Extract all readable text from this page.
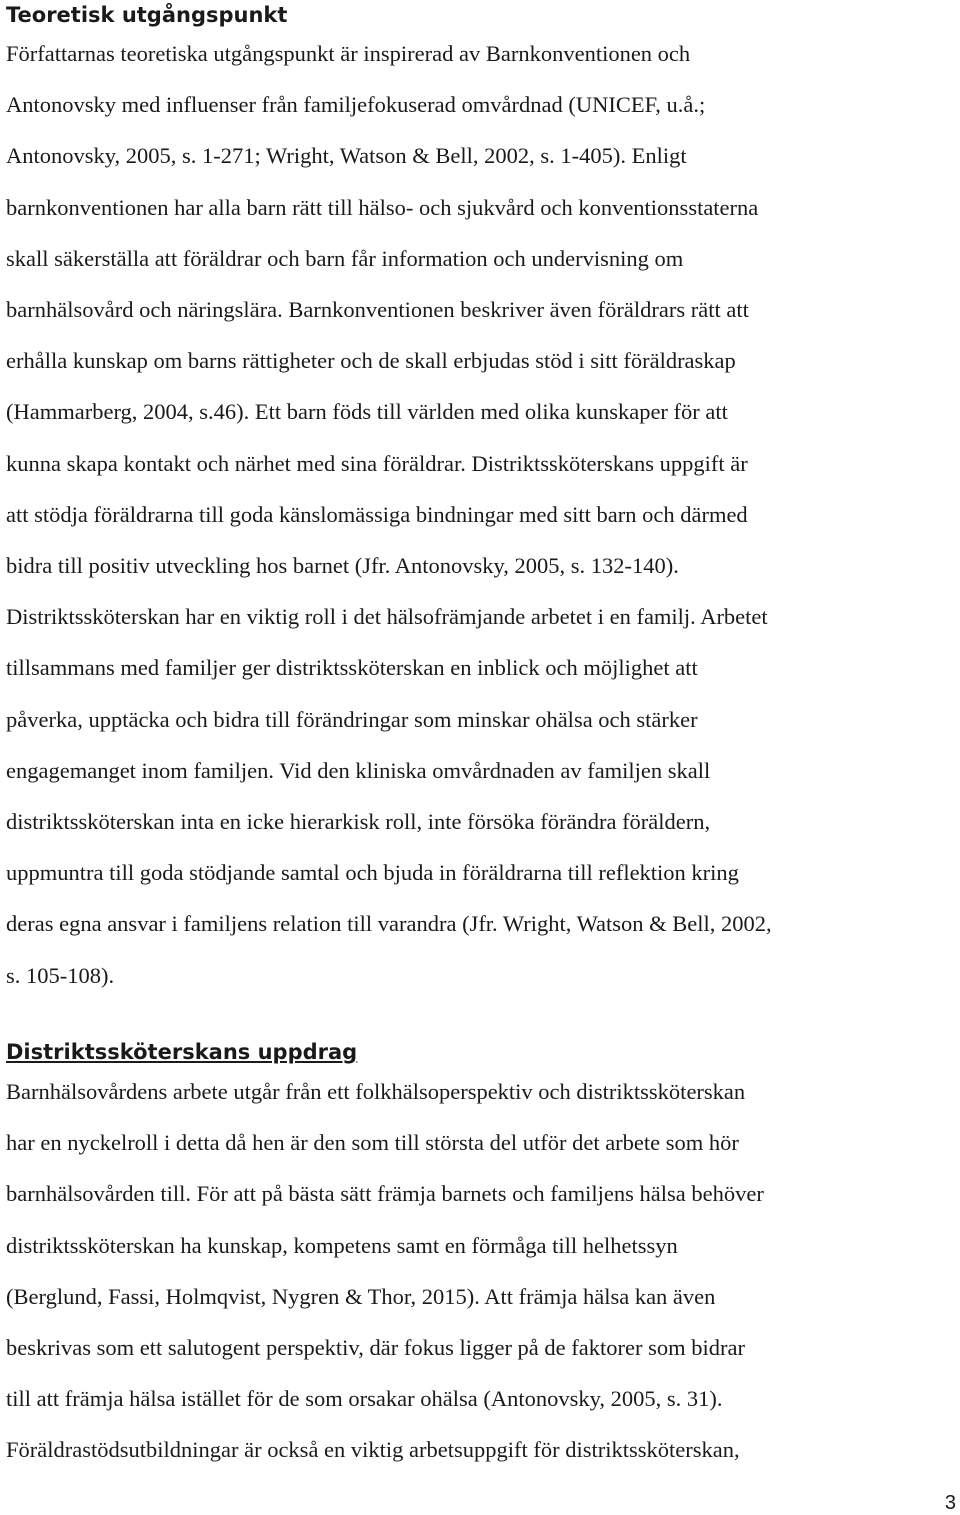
Teoretisk utgångspunkt

Författarnas teoretiska utgångspunkt är inspirerad av Barnkonventionen och

Antonovsky med influenser från familjefokuserad omvårdnad (UNICEF, u.å.;

Antonovsky, 2005, s. 1-271; Wright, Watson & Bell, 2002, s. 1-405). Enligt

barnkonventionen har alla barn rätt till hälso- och sjukvård och konventionsstaterna

skall säkerställa att föräldrar och barn får information och undervisning om

barnhälsovård och näringslära. Barnkonventionen beskriver även föräldrars rätt att

erhålla kunskap om barns rättigheter och de skall erbjudas stöd i sitt föräldraskap

(Hammarberg, 2004, s.46). Ett barn föds till världen med olika kunskaper för att

kunna skapa kontakt och närhet med sina föräldrar. Distriktssköterskans uppgift är

att stödja föräldrarna till goda känslomässiga bindningar med sitt barn och därmed

bidra till positiv utveckling hos barnet (Jfr. Antonovsky, 2005, s. 132-140).

Distriktssköterskan har en viktig roll i det hälsofrämjande arbetet i en familj. Arbetet

tillsammans med familjer ger distriktssköterskan en inblick och möjlighet att

påverka, upptäcka och bidra till förändringar som minskar ohälsa och stärker

engagemanget inom familjen. Vid den kliniska omvårdnaden av familjen skall

distriktssköterskan inta en icke hierarkisk roll, inte försöka förändra föräldern,

uppmuntra till goda stödjande samtal och bjuda in föräldrarna till reflektion kring

deras egna ansvar i familjens relation till varandra (Jfr. Wright, Watson & Bell, 2002,

s. 105-108).

Distriktssköterskans uppdrag

Barnhälsovårdens arbete utgår från ett folkhälsoperspektiv och distriktssköterskan

har en nyckelroll i detta då hen är den som till största del utför det arbete som hör

barnhälsovården till. För att på bästa sätt främja barnets och familjens hälsa behöver

distriktssköterskan ha kunskap, kompetens samt en förmåga till helhetssyn

(Berglund, Fassi, Holmqvist, Nygren & Thor, 2015). Att främja hälsa kan även

beskrivas som ett salutogent perspektiv, där fokus ligger på de faktorer som bidrar

till att främja hälsa istället för de som orsakar ohälsa (Antonovsky, 2005, s. 31).

Föräldrastödsutbildningar är också en viktig arbetsuppgift för distriktssköterskan,

3
